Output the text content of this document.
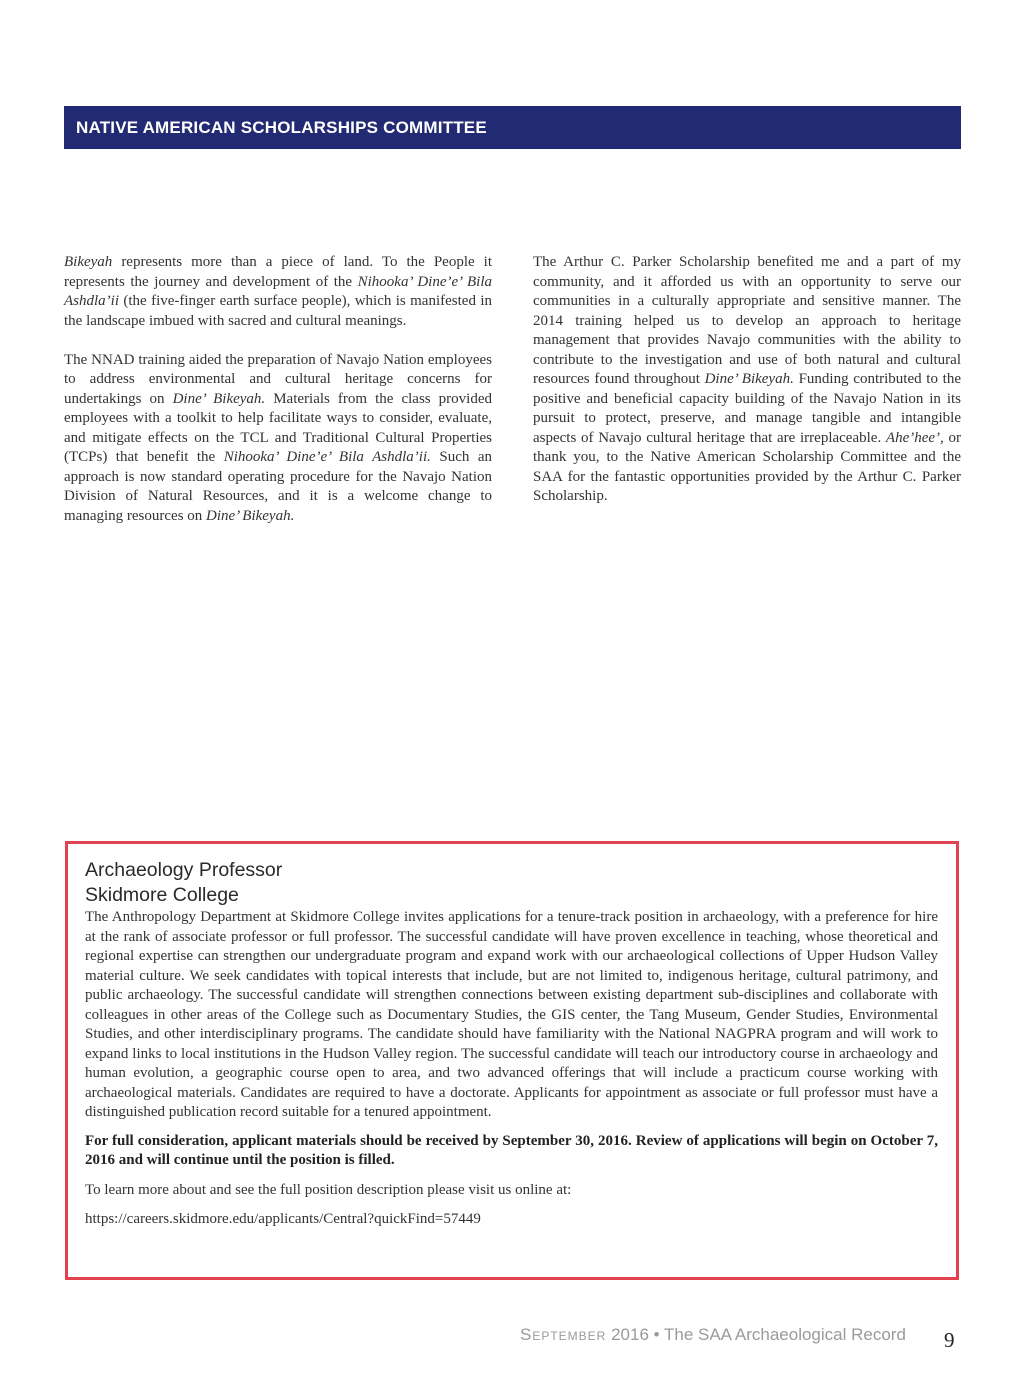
NATIVE AMERICAN SCHOLARSHIPS COMMITTEE

Bikeyah represents more than a piece of land. To the People it represents the journey and development of the Nihooka’ Dine’e’ Bila Ashdla’ii (the five-finger earth surface people), which is manifested in the landscape imbued with sacred and cultural meanings.

The NNAD training aided the preparation of Navajo Nation employees to address environmental and cultural heritage concerns for undertakings on Dine’ Bikeyah. Materials from the class provided employees with a toolkit to help facilitate ways to consider, evaluate, and mitigate effects on the TCL and Traditional Cultural Properties (TCPs) that benefit the Nihooka’ Dine’e’ Bila Ashdla’ii. Such an approach is now standard operating procedure for the Navajo Nation Division of Natural Resources, and it is a welcome change to managing resources on Dine’ Bikeyah.

The Arthur C. Parker Scholarship benefited me and a part of my community, and it afforded us with an opportunity to serve our communities in a culturally appropriate and sensitive manner. The 2014 training helped us to develop an approach to heritage management that provides Navajo communities with the ability to contribute to the investigation and use of both natural and cultural resources found throughout Dine’ Bikeyah. Funding contributed to the positive and beneficial capacity building of the Navajo Nation in its pursuit to protect, preserve, and manage tangible and intangible aspects of Navajo cultural heritage that are irreplaceable. Ahe’hee’, or thank you, to the Native American Scholarship Committee and the SAA for the fantastic opportunities provided by the Arthur C. Parker Scholarship.

Archaeology Professor
Skidmore College
The Anthropology Department at Skidmore College invites applications for a tenure-track position in archaeology, with a preference for hire at the rank of associate professor or full professor. The successful candidate will have proven excellence in teaching, whose theoretical and regional expertise can strengthen our undergraduate program and expand work with our archaeological collections of Upper Hudson Valley material culture. We seek candidates with topical interests that include, but are not limited to, indigenous heritage, cultural patrimony, and public archaeology. The successful candidate will strengthen connections between existing department sub-disciplines and collaborate with colleagues in other areas of the College such as Documentary Studies, the GIS center, the Tang Museum, Gender Studies, Environmental Studies, and other interdisciplinary programs. The candidate should have familiarity with the National NAGPRA program and will work to expand links to local institutions in the Hudson Valley region. The successful candidate will teach our introductory course in archaeology and human evolution, a geographic course open to area, and two advanced offerings that will include a practicum course working with archaeological materials. Candidates are required to have a doctorate. Applicants for appointment as associate or full professor must have a distinguished publication record suitable for a tenured appointment.
For full consideration, applicant materials should be received by September 30, 2016. Review of applications will begin on October 7, 2016 and will continue until the position is filled.
To learn more about and see the full position description please visit us online at:
https://careers.skidmore.edu/applicants/Central?quickFind=57449
September 2016 • The SAA Archaeological Record 9
